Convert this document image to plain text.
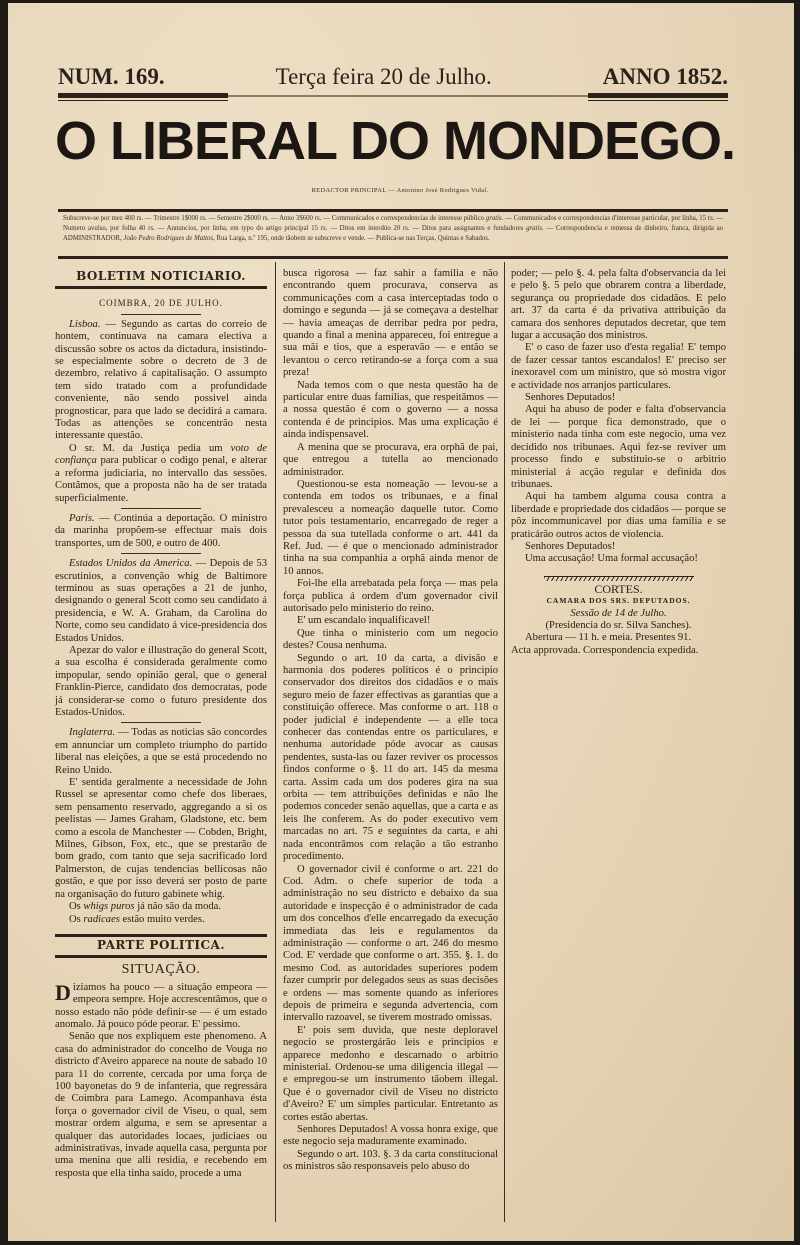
NUM. 169.	Terça feira 20 de Julho.	ANNO 1852.
O LIBERAL DO MONDEGO.
REDACTOR PRINCIPAL — Antonino José Rodrigues Vidal.
Subscreve-se por mez 400 rs. — Trimestre 1$000 rs. — Semestre 2$000 rs. — Anno 3$600 rs. — Communicados e correspondencias de interesse público gratis. — Communicados e correspondencias d'interesse particular, por linha, 15 rs. — Numero avulso, por folha 40 rs. — Annuncios, por linha, em typo do artigo principal 15 rs. — Ditos em interdúo 20 rs. — Ditos para assignantes e fundadores gratis. — Correspondencia e remessa de dinheiro, franca, dirigida ao ADMINISTRADOR, João Pedro Rodrigues de Mattos, Rua Larga, n.º 195, onde tãobem se subscreve e vende. — Publica-se nas Terças, Quintas e Sabados.
BOLETIM NOTICIARIO.
COIMBRA, 20 DE JULHO.

Lisboa. — Segundo as cartas do correio de hontem, continuava na camara electiva a discussão sobre os actos da dictadura, insistindo-se especialmente sobre o decreto de 3 de dezembro, relativo á capitalisação. O assumpto tem sido tratado com a profundidade conveniente, não sendo possivel ainda prognosticar, para que lado se decidirá a camara. Todas as attenções se concentrão nesta interessante questão.

O sr. M. da Justiça pedia um voto de confiança para publicar o codigo penal, e alterar a reforma judiciaria, no intervallo das sessões. Contâmos, que a proposta não ha de ser tratada superficialmente.

Paris. — Continúa a deportação. O ministro da marinha propõem-se effectuar mais dois transportes, um de 500, e outro de 400.

Estados Unidos da America. — Depois de 53 escrutinios, a convenção whig de Baltimore terminou as suas operações a 21 de junho, designando o general Scott como seu candidato á presidencia, e W. A. Graham, da Carolina do Norte, como seu candidato á vice-presidencia dos Estados Unidos.

Apezar do valor e illustração do general Scott, a sua escolha é considerada geralmente como impopular, sendo opinião geral, que o general Franklin-Pierce, candidato dos democratas, pode já considerar-se como o futuro presidente dos Estados-Unidos.

Inglaterra. — Todas as noticias são concordes em annunciar um completo triumpho do partido liberal nas eleições, a que se está procedendo no Reino Unido.

E' sentida geralmente a necessidade de John Russel se apresentar como chefe dos liberaes, sem pensamento reservado, aggregando a si os peelistas — James Graham, Gladstone, etc. bem como a escola de Manchester — Cobden, Bright, Milnes, Gibson, Fox, etc., que se prestarão de bom grado, com tanto que seja sacrificado lord Palmerston, de cujas tendencias bellicosas não gostão, e que por isso deverá ser posto de parte na organisação do futuro gabinete whig.

Os whigs puros já não são da moda.

Os radicaes estão muito verdes.

PARTE POLITICA.
SITUAÇÃO.

Diziamos ha pouco — a situação empeora — empeora sempre. Hoje accrescentâmos, que o nosso estado não póde definir-se — é um estado anomalo. Já pouco póde peorar. E' pessimo.

Senão que nos expliquem este phenomeno. A casa do administrador do concelho de Vouga no districto d'Aveiro apparece na noute de sabado 10 para 11 do corrente, cercada por uma força de 100 bayonetas do 9 de infanteria, que regressára de Coimbra para Lamego. Acompanhava ésta força o governador civil de Viseu, o qual, sem mostrar ordem alguma, e sem se apresentar a qualquer das autoridades locaes, judiciaes ou administrativas, invade aquella casa, pergunta por uma menina que alli residia, e recebendo em resposta que ella tinha saído, procede a uma

busca rigorosa — faz sahir a familia e não encontrando quem procurava, conserva as communicações com a casa interceptadas todo o domingo e segunda — já se começava a destelhar — havia ameaças de derribar pedra por pedra, quando a final a menina appareceu, foi entregue a sua mãi e tios, que a esperavão — e então se levantou o cerco retirando-se a força com a sua preza!

Nada temos com o que nesta questão ha de particular entre duas familias, que respeitâmos — a nossa questão é com o governo — a nossa contenda é de principios. Mas uma explicação é ainda indispensavel.

A menina que se procurava, era orphã de pai, que entregou a tutella ao mencionado administrador.

Questionou-se esta nomeação — levou-se a contenda em todos os tribunaes, e a final prevalesceu a nomeação daquelle tutor. Como tutor pois testamentario, encarregado de reger a pessoa da sua tutellada conforme o art. 441 da Ref. Jud. — é que o mencionado administrador tinha na sua companhia a orphã ainda menor de 10 annos.

Foi-lhe ella arrebatada pela força — mas pela força publica á ordem d'um governador civil autorisado pelo ministerio do reino.

E' um escandalo inqualificavel!

Que tinha o ministerio com um negocio destes? Cousa nenhuma.

Segundo o art. 10 da carta, a divisão e harmonia dos poderes politicos é o principio conservador dos direitos dos cidadãos e o mais seguro meio de fazer effectivas as garantias que a constituição offerece. Mas conforme o art. 118 o poder judicial é independente — a elle toca conhecer das contendas entre os particulares, e nenhuma autoridade póde avocar as causas pendentes, susta-las ou fazer reviver os processos findos conforme o §. 11 do art. 145 da mesma carta. Assim cada um dos poderes gira na sua orbita — tem attribuições definidas e não lhe podemos conceder senão aquellas, que a carta e as leis lhe conferem. As do poder executivo vem marcadas no art. 75 e seguintes da carta, e ahi nada encontrâmos com relação a tão estranho procedimento.

O governador civil é conforme o art. 221 do Cod. Adm. o chefe superior de toda a administração no seu districto e debaixo da sua autoridade e inspecção é o administrador de cada um dos concelhos d'elle encarregado da execução immediata das leis e regulamentos da administração — conforme o art. 246 do mesmo Cod. E' verdade que conforme o art. 355. §. 1. do mesmo Cod. as autoridades superiores podem fazer cumprir por delegados seus as suas decisões e ordens — mas somente quando as inferiores depois de primeira e segunda advertencia, com intervallo razoavel, se tiverem mostrado omissas.

E' pois sem duvida, que neste deploravel negocio se prostergárão leis e principios e apparece medonho e descarnado o arbitrio ministerial. Ordenou-se uma diligencia illegal — e empregou-se um instrumento tãobem illegal. Que é o governador civil de Viseu no districto d'Aveiro? E' um simples particular. Entretanto as cortes estão abertas.

Senhores Deputados! A vossa honra exige, que este negocio seja maduramente examinado.

Segundo o art. 103. §. 3 da carta constitucional os ministros são responsaveis pelo abuso do

poder; — pelo §. 4. pela falta d'observancia da lei e pelo §. 5 pelo que obrarem contra a liberdade, segurança ou propriedade dos cidadãos. E pelo art. 37 da carta é da privativa attribuição da camara dos senhores deputados decretar, que tem lugar a accusação dos ministros.

E' o caso de fazer uso d'esta regalia! E' tempo de fazer cessar tantos escandalos! E' preciso ser inexoravel com um ministro, que só mostra vigor e actividade nos arranjos particulares.

Senhores Deputados!

Aqui ha abuso de poder e falta d'observancia de lei — porque fica demonstrado, que o ministerio nada tinha com este negocio, uma vez decidido nos tribunaes. Aqui fez-se reviver um processo findo e substituio-se o arbitrio ministerial á acção regular e definida dos tribunaes.

Aqui ha tambem alguma cousa contra a liberdade e propriedade dos cidadãos — porque se pôz incommunicavel por dias uma familia e se praticárão outros actos de violencia.

Senhores Deputados!

Uma accusação! Uma formal accusação!

CORTES.

CAMARA DOS SRS. DEPUTADOS.

Sessão de 14 de Julho.

(Presidencia do sr. Silva Sanches).

Abertura — 11 h. e meia. Presentes 91.

Acta approvada. Correspondencia expedida.
